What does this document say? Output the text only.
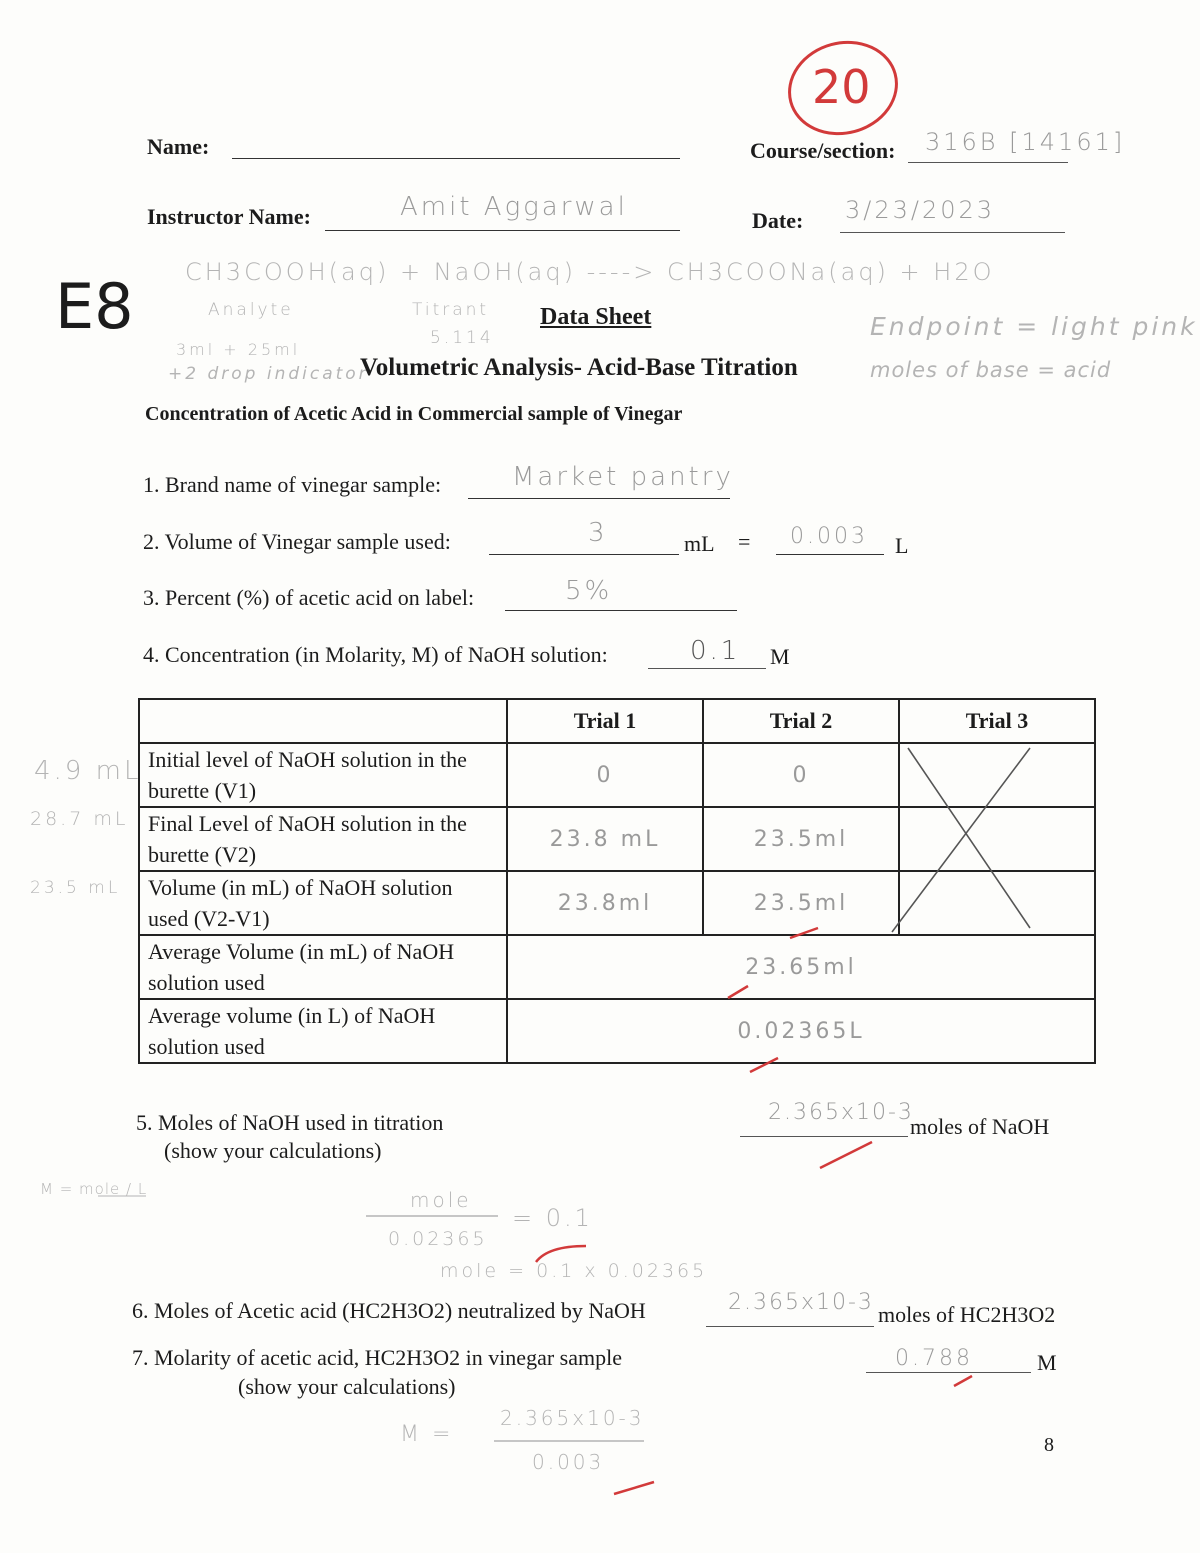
Name:	Course/section: 316B [14161]
Instructor Name:	Amit Aggarwal	Date: 3/23/2023
20
E8 CH3COOH(aq) + NaOH(aq) ----> CH3COONa(aq) + H2O
Analyte	Titrant
3ml + 25ml
5.114
+2 drop indicator
Endpoint = light pink
moles of base = acid
Data Sheet
Volumetric Analysis- Acid-Base Titration
Concentration of Acetic Acid in Commercial sample of Vinegar
1. Brand name of vinegar sample:	Market pantry
2. Volume of Vinegar sample used:	3	mL = 0.003 L
3. Percent (%) of acetic acid on label:	5%
4. Concentration (in Molarity, M) of NaOH solution:	0.1 M
4.9 mL
28.7 mL
23.5 mL
	Trial 1	Trial 2	Trial 3
Initial level of NaOH solution in the burette (V1)	0	0	
Final Level of NaOH solution in the burette (V2)	23.8 mL	23.5ml	
Volume (in mL) of NaOH solution used (V2-V1)	23.8ml	23.5ml	
Average Volume (in mL) of NaOH solution used	23.65ml		
Average volume (in L) of NaOH solution used	0.02365L		
5. Moles of NaOH used in titration
(show your calculations)
2.365x10-3
moles of NaOH
M = mole / L	mole
0.02365
= 0.1
mole = 0.1 x 0.02365
6. Moles of Acetic acid (HC2H3O2) neutralized by NaOH	2.365x10-3 moles of HC2H3O2
7. Molarity of acetic acid, HC2H3O2 in vinegar sample
(show your calculations)
0.788	M
M =
2.365x10-3
0.003
8
